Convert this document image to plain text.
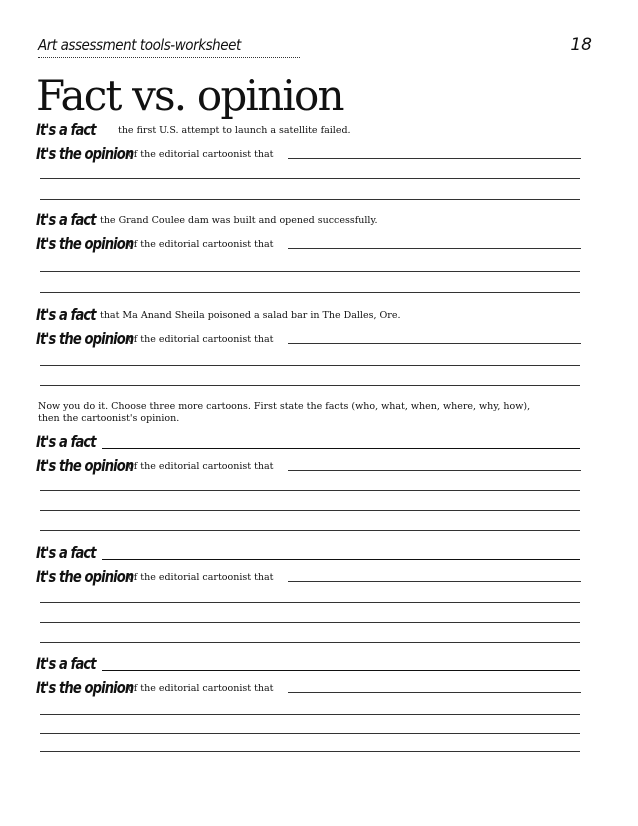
Art assessment tools-worksheet	18
Fact vs. opinion
It's a fact the first U.S. attempt to launch a satellite failed.
It's the opinion
of the editorial cartoonist that
It's a fact the Grand Coulee dam was built and opened successfully.
It's the opinion
of the editorial cartoonist that
It's a fact that Ma Anand Sheila poisoned a salad bar in The Dalles, Ore.
It's the opinion
of the editorial cartoonist that

Now you do it. Choose three more cartoons. First state the facts (who, what, when, where, why, how),
then the cartoonist's opinion.

It's a fact
It's the opinion
of the editorial cartoonist that
It's a fact
It's the opinion
of the editorial cartoonist that
It's a fact
It's the opinion
of the editorial cartoonist that
